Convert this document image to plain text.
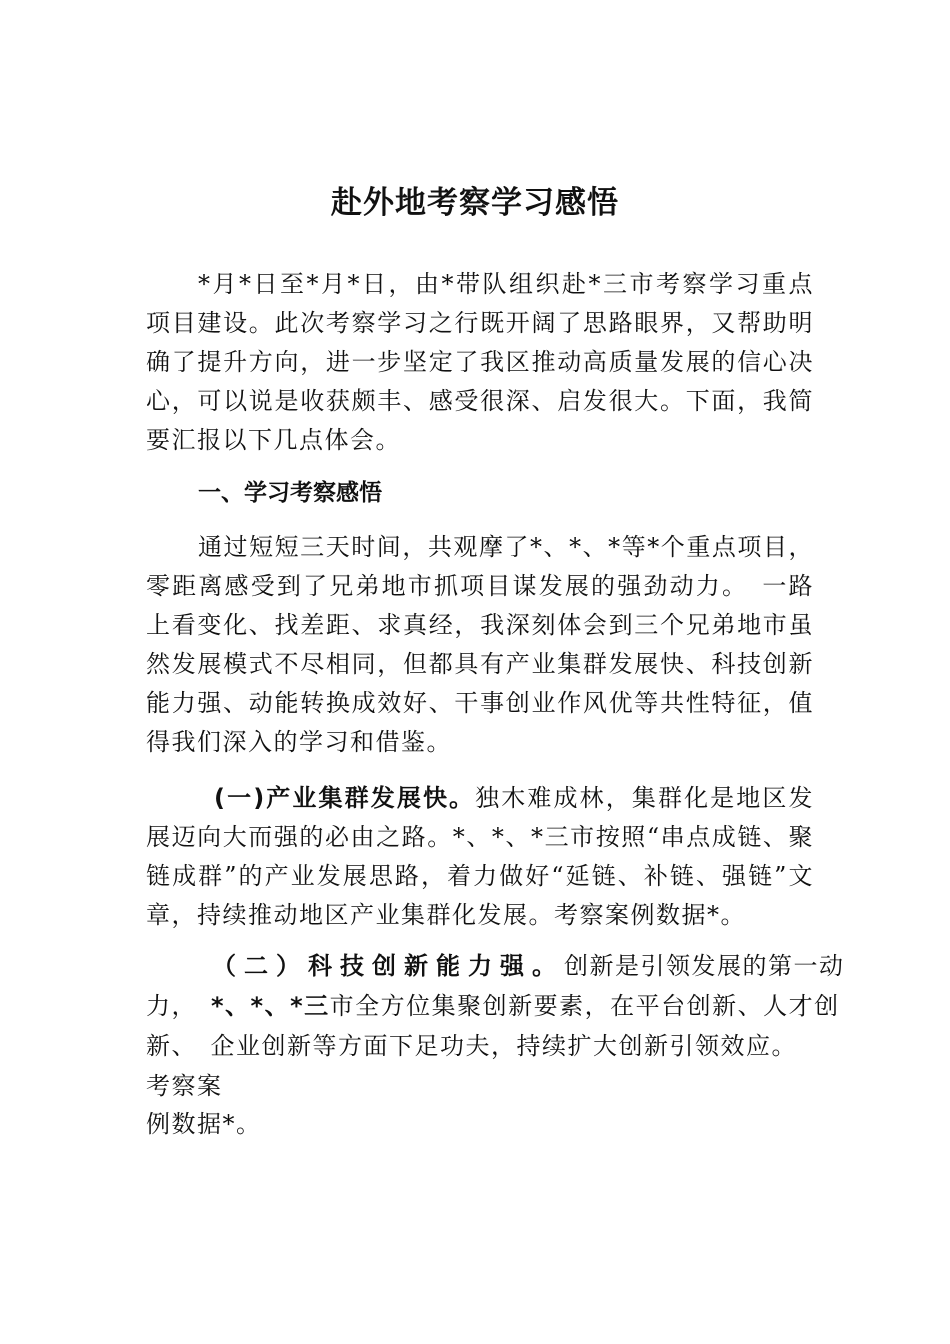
赴外地考察学习感悟

*月*日至*月*日，由*带队组织赴*三市考察学习重点项目建设。此次考察学习之行既开阔了思路眼界，又帮助明确了提升方向，进一步坚定了我区推动高质量发展的信心决心，可以说是收获颇丰、感受很深、启发很大。下面，我简要汇报以下几点体会。

一、学习考察感悟

通过短短三天时间，共观摩了*、*、*等*个重点项目，零距离感受到了兄弟地市抓项目谋发展的强劲动力。　一路上看变化、找差距、求真经，我深刻体会到三个兄弟地市虽然发展模式不尽相同，但都具有产业集群发展快、科技创新能力强、动能转换成效好、干事创业作风优等共性特征，值得我们深入的学习和借鉴。

(一)产业集群发展快。独木难成林，集群化是地区发展迈向大而强的必由之路。*、*、*三市按照“串点成链、聚链成群”的产业发展思路，着力做好“延链、补链、强链”文章，持续推动地区产业集群化发展。考察案例数据*。

（二）科技创新能力强。创新是引领发展的第一动

力， *、*、*三市全方位集聚创新要素，在平台创新、人才创

新、　企业创新等方面下足功夫，持续扩大创新引领效应。

考察案

例数据*。
